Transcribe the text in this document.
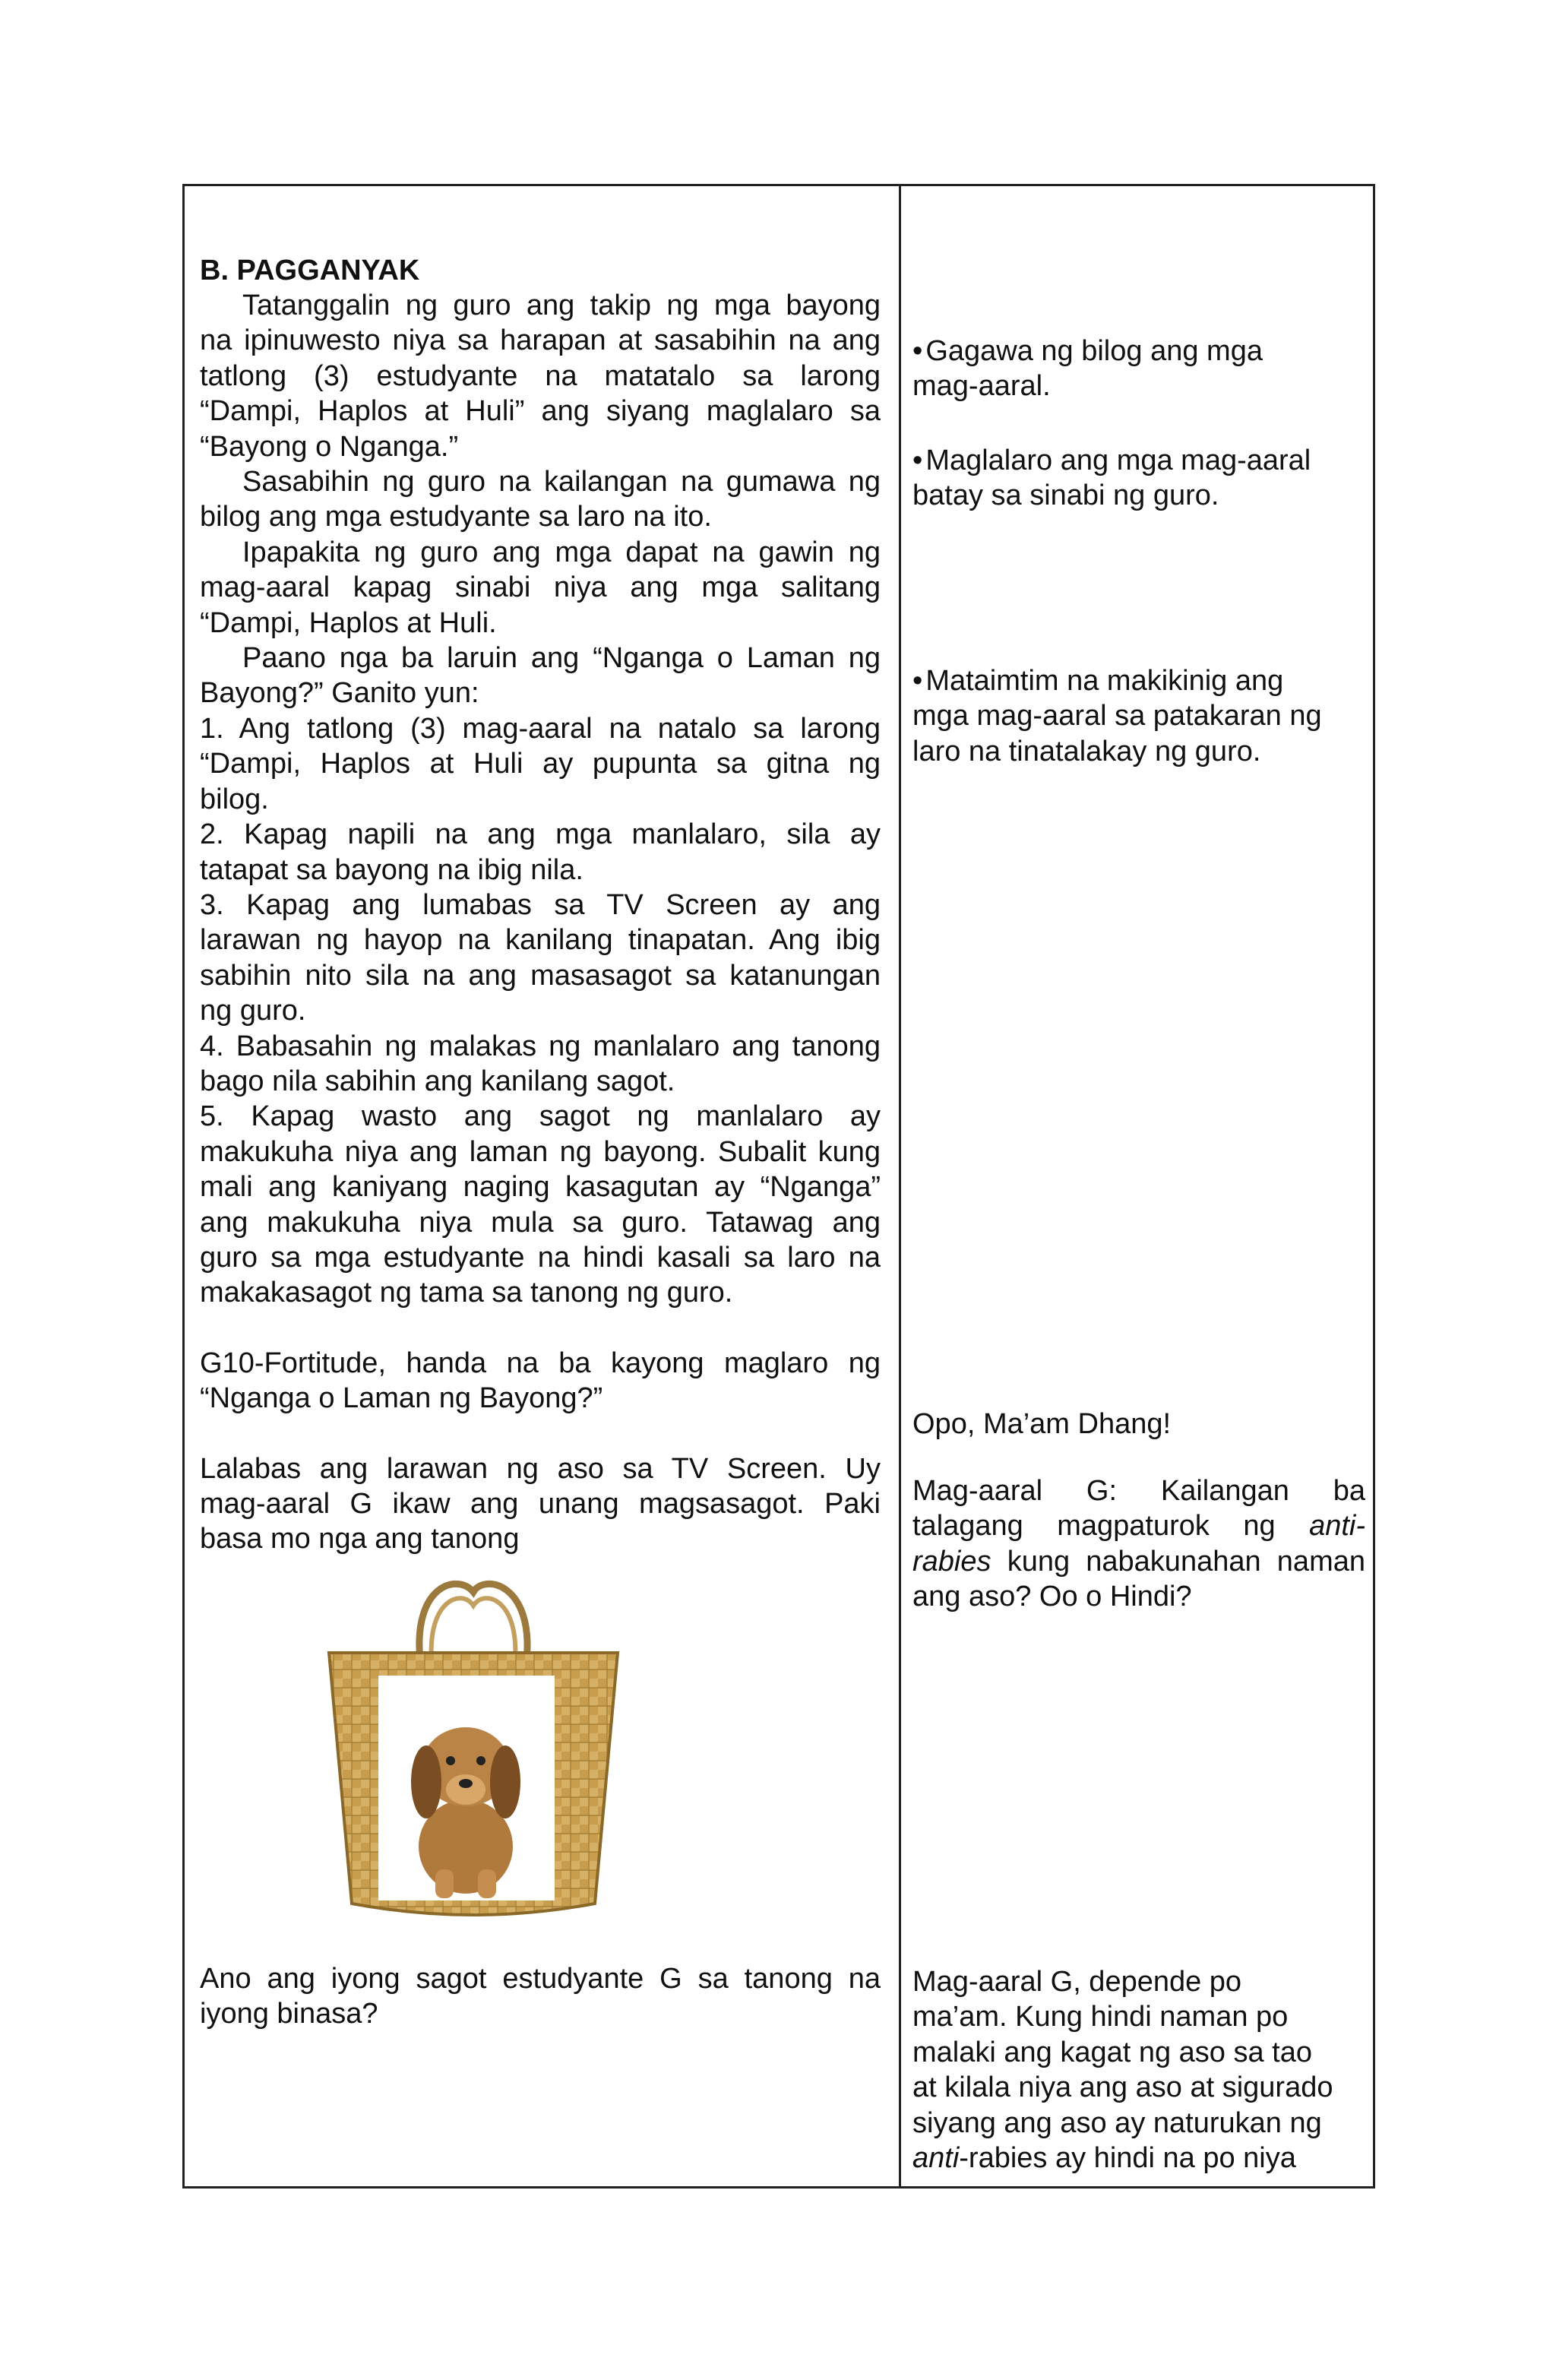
B. PAGGANYAK

Tatanggalin ng guro ang takip ng mga bayong

na ipinuwesto niya sa harapan at sasabihin na ang

tatlong (3) estudyante na matatalo sa larong

“Dampi, Haplos at Huli” ang siyang maglalaro sa

“Bayong o Nganga.”

Sasabihin ng guro na kailangan na gumawa ng

bilog ang mga estudyante sa laro na ito.

Ipapakita ng guro ang mga dapat na gawin ng

mag-aaral kapag sinabi niya ang mga salitang

“Dampi, Haplos at Huli.

Paano nga ba laruin ang “Nganga o Laman ng

Bayong?” Ganito yun:

1. Ang tatlong (3) mag-aaral na natalo sa larong

“Dampi, Haplos at Huli ay pupunta sa gitna ng

bilog.

2. Kapag napili na ang mga manlalaro, sila ay

tatapat sa bayong na ibig nila.

3. Kapag ang lumabas sa TV Screen ay ang

larawan ng hayop na kanilang tinapatan. Ang ibig

sabihin nito sila na ang masasagot sa katanungan

ng guro.

4. Babasahin ng malakas ng manlalaro ang tanong

bago nila sabihin ang kanilang sagot.

5. Kapag wasto ang sagot ng manlalaro ay

makukuha niya ang laman ng bayong. Subalit kung

mali ang kaniyang naging kasagutan ay “Nganga”

ang makukuha niya mula sa guro. Tatawag ang

guro sa mga estudyante na hindi kasali sa laro na

makakasagot ng tama sa tanong ng guro.

G10-Fortitude, handa na ba kayong maglaro ng

“Nganga o Laman ng Bayong?”

Lalabas ang larawan ng aso sa TV Screen. Uy

mag-aaral G ikaw ang unang magsasagot. Paki

basa mo nga ang tanong

Ano ang iyong sagot estudyante G sa tanong na

iyong binasa?

• Gagawa ng bilog ang mga

mag-aaral.

• Maglalaro ang mga mag-aaral

batay sa sinabi ng guro.

• Mataimtim na makikinig ang

mga mag-aaral sa patakaran ng

laro na tinatalakay ng guro.

Opo, Ma’am Dhang!

Mag-aaral G: Kailangan ba

talagang magpaturok ng anti-

rabies kung nabakunahan naman

ang aso? Oo o Hindi?

Mag-aaral G, depende po

ma’am. Kung hindi naman po

malaki ang kagat ng aso sa tao

at kilala niya ang aso at sigurado

siyang ang aso ay naturukan ng

anti-rabies ay hindi na po niya
